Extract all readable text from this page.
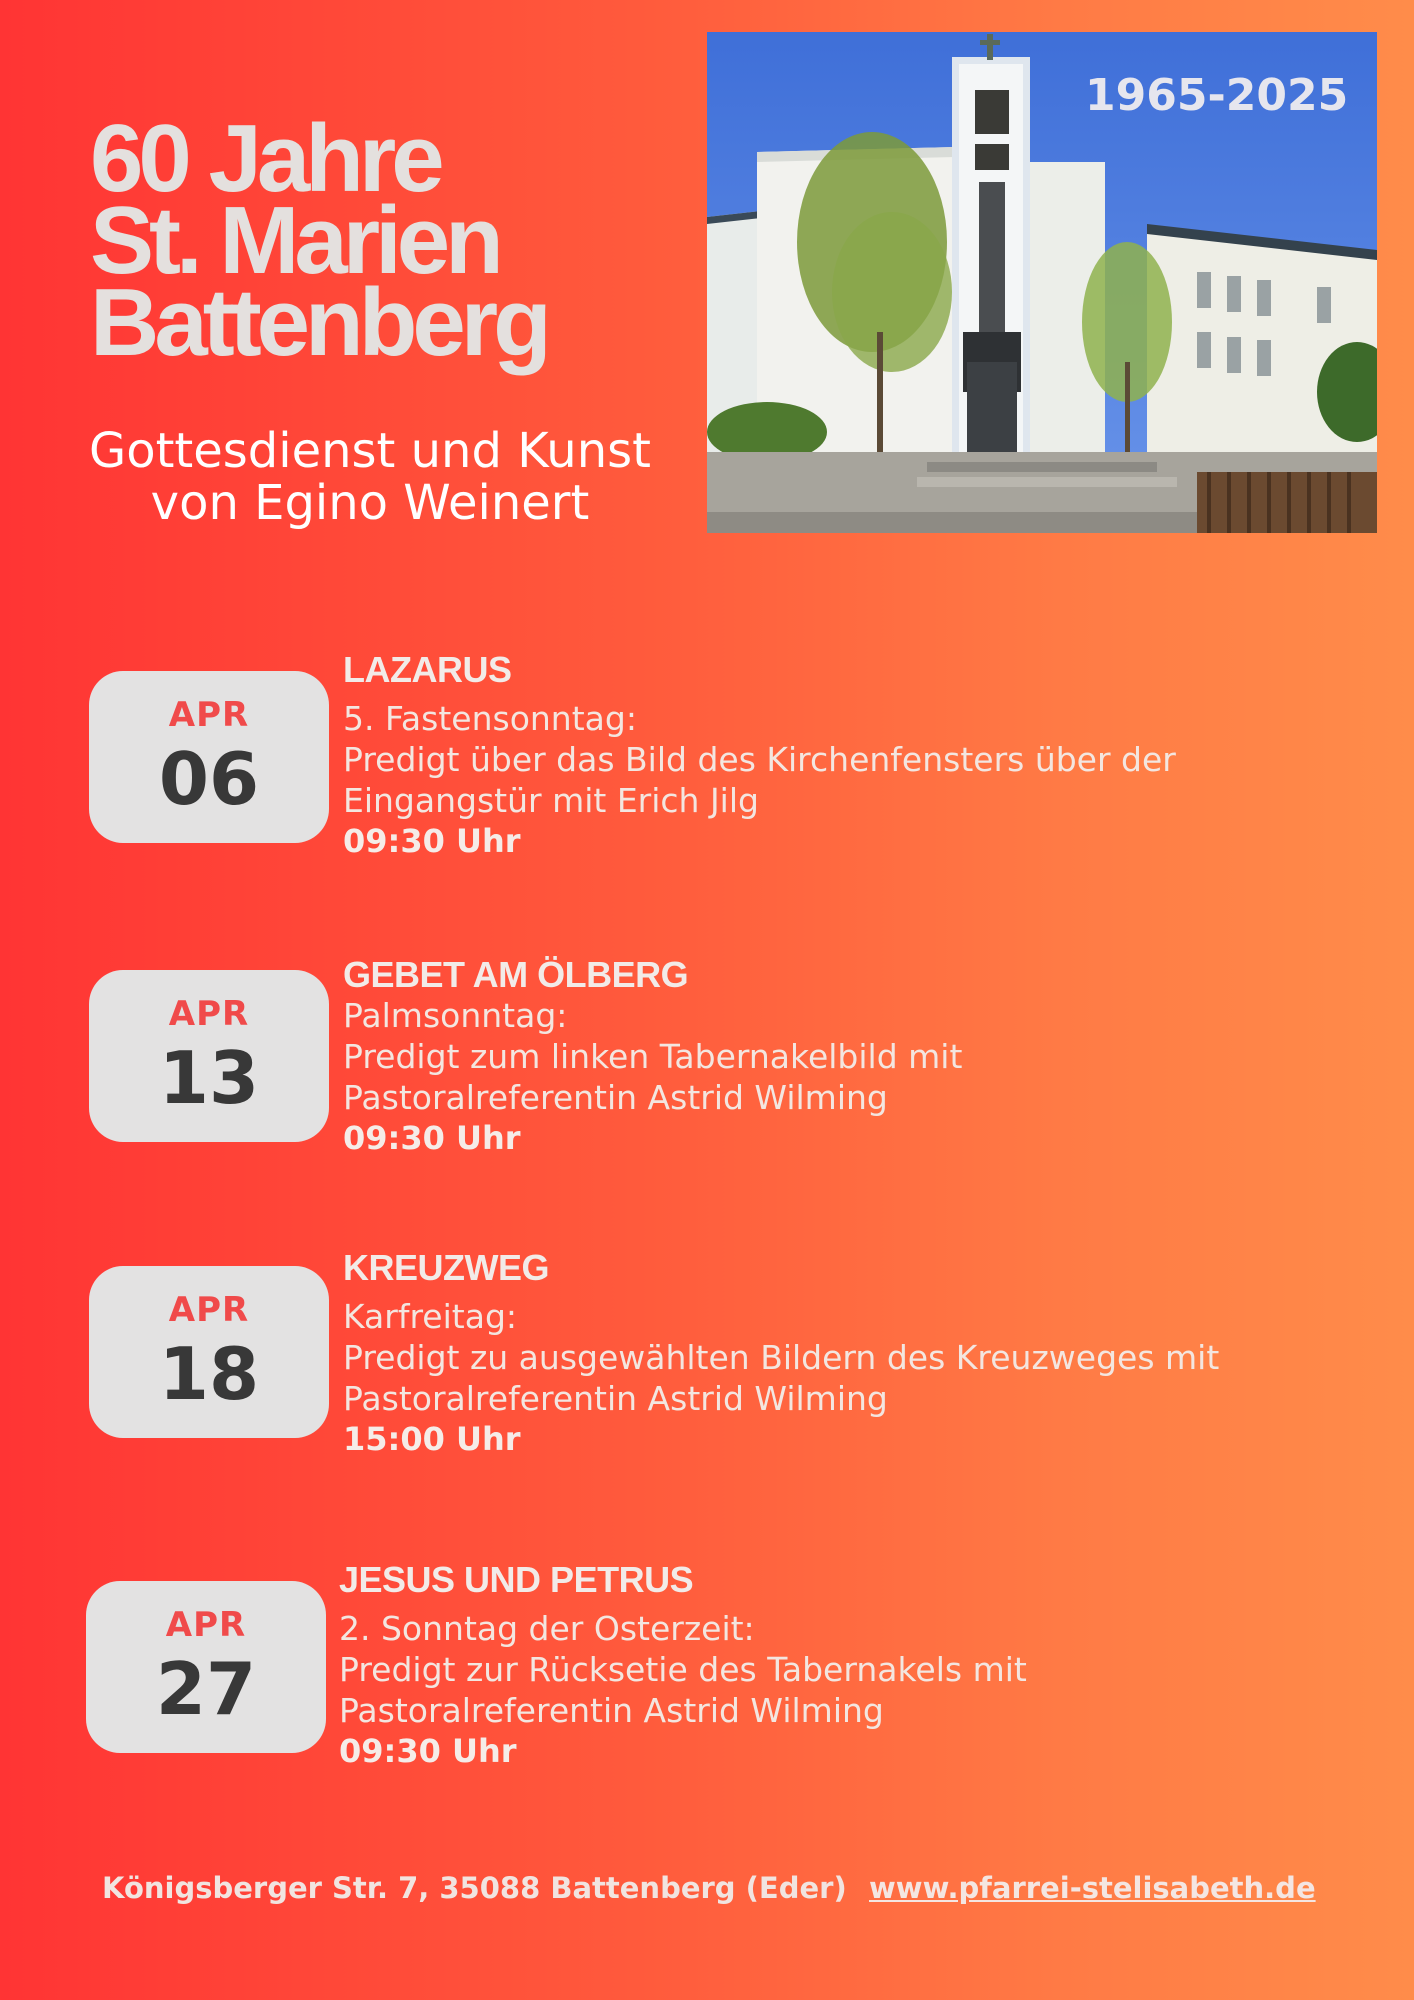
60 Jahre
St. Marien
Battenberg
Gottesdienst und Kunst
von Egino Weinert
1965-2025
APR
06
LAZARUS
5. Fastensonntag:
Predigt über das Bild des Kirchenfensters über der
Eingangstür mit Erich Jilg
09:30 Uhr
APR
13
GEBET AM ÖLBERG
Palmsonntag:
Predigt zum linken Tabernakelbild mit
Pastoralreferentin Astrid Wilming
09:30 Uhr
APR
18
KREUZWEG
Karfreitag:
Predigt zu ausgewählten Bildern des Kreuzweges mit
Pastoralreferentin Astrid Wilming
15:00 Uhr
APR
27
JESUS UND PETRUS
2. Sonntag der Osterzeit:
Predigt zur Rücksetie des Tabernakels mit
Pastoralreferentin Astrid Wilming
09:30 Uhr
Königsberger Str. 7, 35088 Battenberg (Eder) www.pfarrei-stelisabeth.de
